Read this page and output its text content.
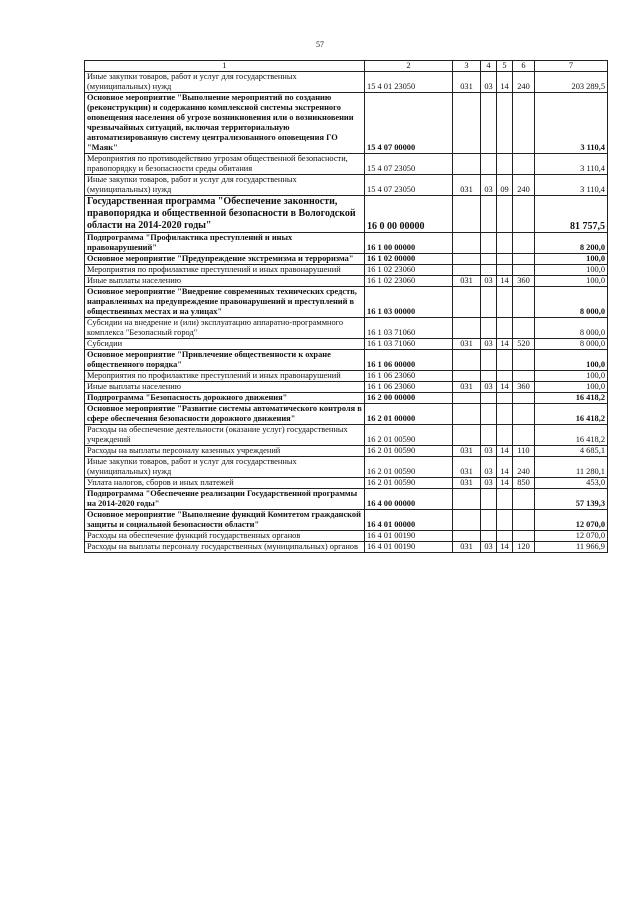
57
1	2	3	4	5	6	7
Иные закупки товаров, работ и услуг для государственных (муниципальных) нужд	15 4 01 23050	031	03	14	240	203 289,5
Основное мероприятие "Выполнение мероприятий по созданию (реконструкции) и содержанию комплексной системы экстренного оповещения населения об угрозе возникновения или о возникновении чрезвычайных ситуаций, включая территориальную автоматизированную систему централизованного оповещения ГО "Маяк"	15 4 07 00000					3 110,4
Мероприятия по противодействию угрозам общественной безопасности, правопорядку и безопасности среды обитания	15 4 07 23050					3 110,4
Иные закупки товаров, работ и услуг для государственных (муниципальных) нужд	15 4 07 23050	031	03	09	240	3 110,4
Государственная программа "Обеспечение законности, правопорядка и общественной безопасности в Вологодской области на 2014-2020 годы"	16 0 00 00000					81 757,5
Подпрограмма "Профилактика преступлений и иных правонарушений"	16 1 00 00000					8 200,0
Основное мероприятие "Предупреждение экстремизма и терроризма"	16 1 02 00000					100,0
Мероприятия по профилактике преступлений и иных правонарушений	16 1 02 23060					100,0
Иные выплаты населению	16 1 02 23060	031	03	14	360	100,0
Основное мероприятие "Внедрение современных технических средств, направленных на предупреждение правонарушений и преступлений в общественных местах и на улицах"	16 1 03 00000					8 000,0
Субсидии на внедрение и (или) эксплуатацию аппаратно-программного комплекса "Безопасный город"	16 1 03 71060					8 000,0
Субсидии	16 1 03 71060	031	03	14	520	8 000,0
Основное мероприятие "Привлечение общественности к охране общественного порядка"	16 1 06 00000					100,0
Мероприятия по профилактике преступлений и иных правонарушений	16 1 06 23060					100,0
Иные выплаты населению	16 1 06 23060	031	03	14	360	100,0
Подпрограмма "Безопасность дорожного движения"	16 2 00 00000					16 418,2
Основное мероприятие "Развитие системы автоматического контроля в сфере обеспечения безопасности дорожного движения"	16 2 01 00000					16 418,2
Расходы на обеспечение деятельности (оказание услуг) государственных учреждений	16 2 01 00590					16 418,2
Расходы на выплаты персоналу казенных учреждений	16 2 01 00590	031	03	14	110	4 685,1
Иные закупки товаров, работ и услуг для государственных (муниципальных) нужд	16 2 01 00590	031	03	14	240	11 280,1
Уплата налогов, сборов и иных платежей	16 2 01 00590	031	03	14	850	453,0
Подпрограмма "Обеспечение реализации Государственной программы на 2014-2020 годы"	16 4 00 00000					57 139,3
Основное мероприятие "Выполнение функций Комитетом гражданской защиты и социальной безопасности области"	16 4 01 00000					12 070,0
Расходы на обеспечение функций государственных органов	16 4 01 00190					12 070,0
Расходы на выплаты персоналу государственных (муниципальных) органов	16 4 01 00190	031	03	14	120	11 966,9
